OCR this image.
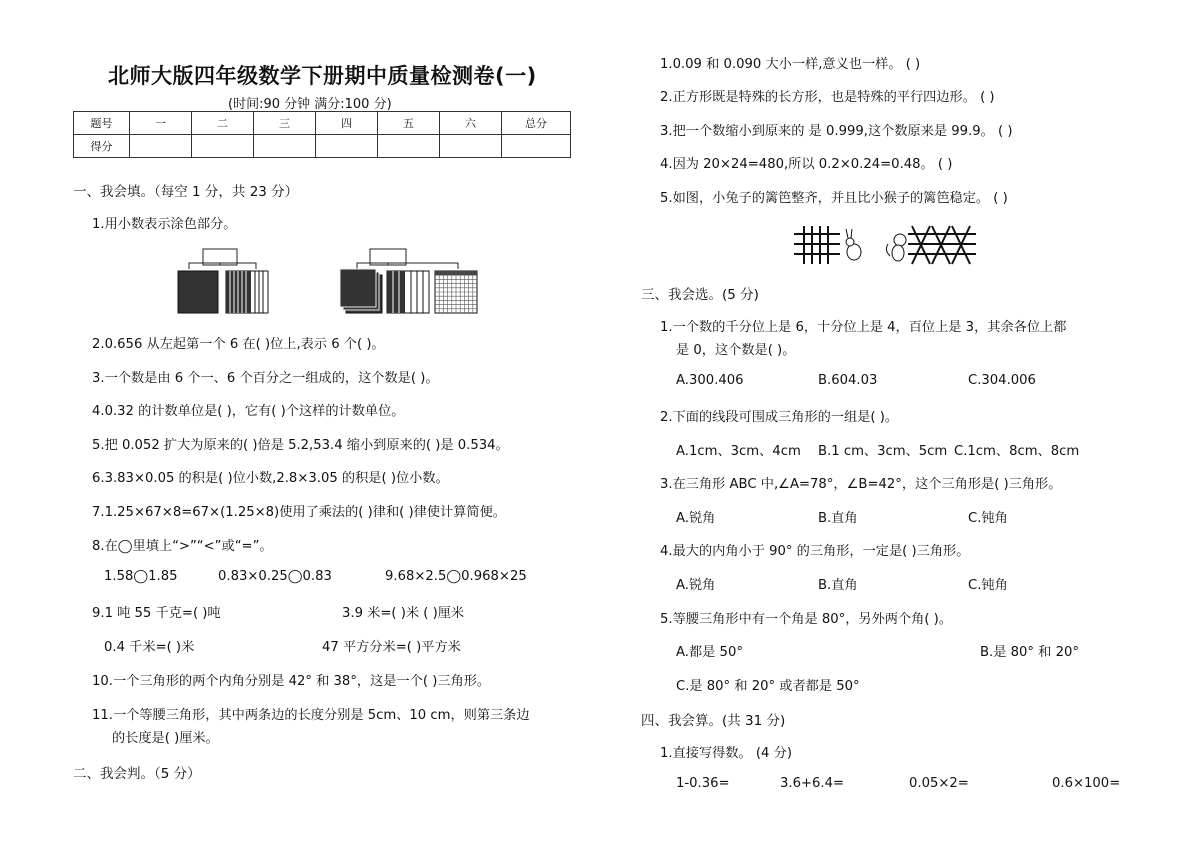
北师大版四年级数学下册期中质量检测卷(一)
(时间:90 分钟 满分:100 分)
题号	一	二	三	四	五	六	总分
得分							
一、我会填。（每空 1 分，共 23 分）
1.用小数表示涂色部分。
2.0.656 从左起第一个 6 在( )位上,表示 6 个( )。
3.一个数是由 6 个一、6 个百分之一组成的，这个数是( )。
4.0.32 的计数单位是( )，它有( )个这样的计数单位。
5.把 0.052 扩大为原来的( )倍是 5.2,53.4 缩小到原来的( )是 0.534。
6.3.83×0.05 的积是( )位小数,2.8×3.05 的积是( )位小数。
7.1.25×67×8=67×(1.25×8)使用了乘法的( )律和( )律使计算简便。
8.在◯里填上“>”“<”或“=”。
1.58◯1.85	0.83×0.25◯0.83	9.68×2.5◯0.968×25
9.1 吨 55 千克=( )吨	3.9 米=( )米 ( )厘米
0.4 千米=( )米	47 平方分米=( )平方米
10.一个三角形的两个内角分别是 42° 和 38°，这是一个( )三角形。
11.一个等腰三角形，其中两条边的长度分别是 5cm、10 cm，则第三条边
的长度是( )厘米。
二、我会判。（5 分）
1.0.09 和 0.090 大小一样,意义也一样。 ( )
2.正方形既是特殊的长方形，也是特殊的平行四边形。 ( )
3.把一个数缩小到原来的 是 0.999,这个数原来是 99.9。 ( )
4.因为 20×24=480,所以 0.2×0.24=0.48。 ( )
5.如图，小兔子的篱笆整齐，并且比小猴子的篱笆稳定。 ( )
三、我会选。(5 分)
1.一个数的千分位上是 6，十分位上是 4，百位上是 3，其余各位上都
是 0，这个数是( )。
A.300.406	B.604.03	C.304.006
2.下面的线段可围成三角形的一组是( )。
A.1cm、3cm、4cm B.1 cm、3cm、5cm C.1cm、8cm、8cm
3.在三角形 ABC 中,∠A=78°，∠B=42°，这个三角形是( )三角形。
A.锐角	B.直角	C.钝角
4.最大的内角小于 90° 的三角形，一定是( )三角形。
A.锐角	B.直角	C.钝角
5.等腰三角形中有一个角是 80°，另外两个角( )。
A.都是 50°	B.是 80° 和 20°
C.是 80° 和 20° 或者都是 50°
四、我会算。(共 31 分)
1.直接写得数。 (4 分)
1-0.36=	3.6+6.4=	0.05×2=	0.6×100=
